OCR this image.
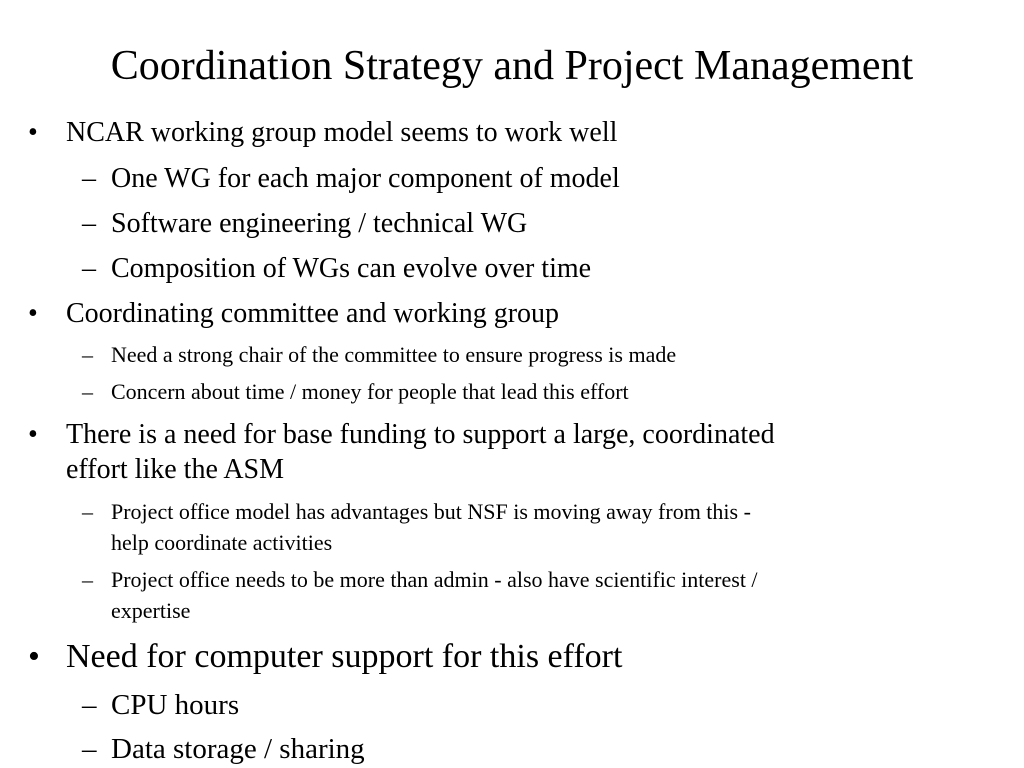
Coordination Strategy and Project Management
• NCAR working group model seems to work well
– One WG for each major component of model
– Software engineering / technical WG
– Composition of WGs can evolve over time
• Coordinating committee and working group
– Need a strong chair of the committee to ensure progress is made
– Concern about time / money for people that lead this effort
• There is a need for base funding to support a large, coordinated
effort like the ASM
– Project office model has advantages but NSF is moving away from this -
help coordinate activities
– Project office needs to be more than admin - also have scientific interest /
expertise
• Need for computer support for this effort
– CPU hours
– Data storage / sharing
